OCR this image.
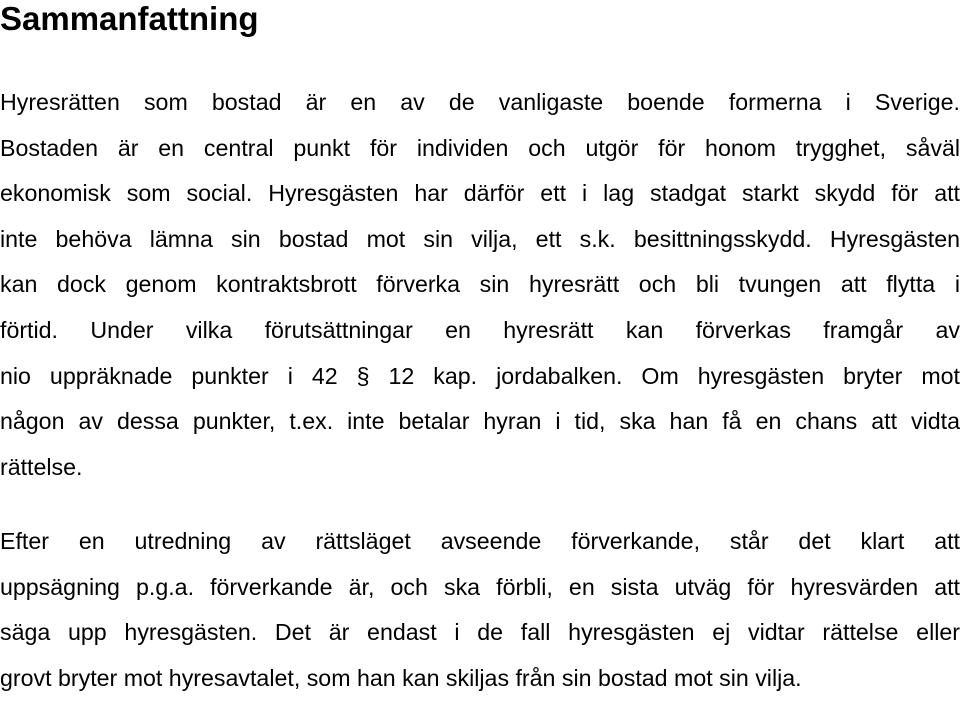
Sammanfattning

Hyresrätten som bostad är en av de vanligaste boende formerna i Sverige.
Bostaden är en central punkt för individen och utgör för honom trygghet, såväl
ekonomisk som social. Hyresgästen har därför ett i lag stadgat starkt skydd för att
inte behöva lämna sin bostad mot sin vilja, ett s.k. besittningsskydd. Hyresgästen
kan dock genom kontraktsbrott förverka sin hyresrätt och bli tvungen att flytta i
förtid. Under vilka förutsättningar en hyresrätt kan förverkas framgår av
nio uppräknade punkter i 42 § 12 kap. jordabalken. Om hyresgästen bryter mot
någon av dessa punkter, t.ex. inte betalar hyran i tid, ska han få en chans att vidta
rättelse.

Efter en utredning av rättsläget avseende förverkande, står det klart att
uppsägning p.g.a. förverkande är, och ska förbli, en sista utväg för hyresvärden att
säga upp hyresgästen. Det är endast i de fall hyresgästen ej vidtar rättelse eller
grovt bryter mot hyresavtalet, som han kan skiljas från sin bostad mot sin vilja.
